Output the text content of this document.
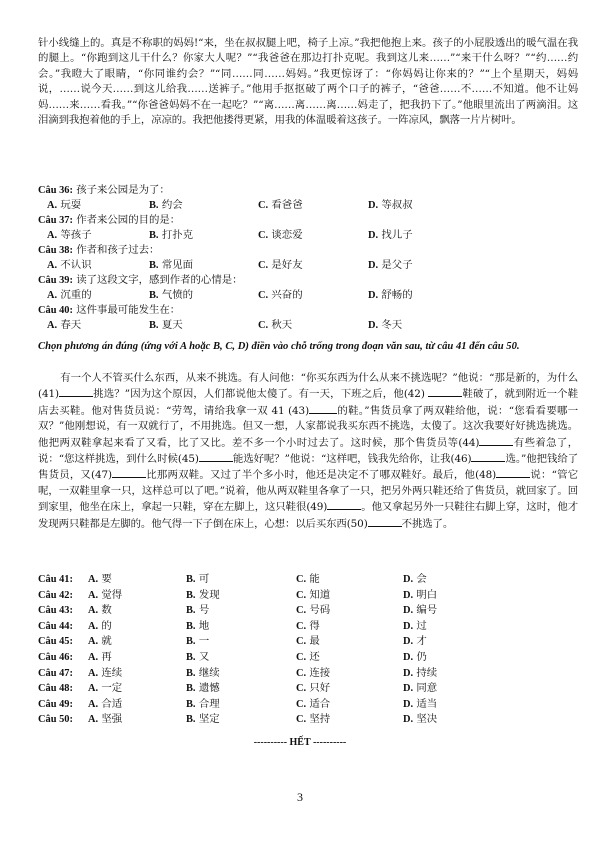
针小线缝上的。真是不称职的妈妈!“来，坐在叔叔腿上吧，椅子上凉。”我把他抱上来。孩子的小屁股透出的暖气温在我的腿上。“你跑到这儿干什么？你家大人呢？”“我爸爸在那边打扑克呢。我到这儿来……”“来干什么呀？”“约……约会。”我瞪大了眼睛，“你同谁约会？”“同……同……妈妈。”我更惊讶了：“你妈妈让你来的？”“上个星期天，妈妈说，……说今天……到这儿给我……送裤子。”他用手抠抠破了两个口子的裤子，“爸爸……不……不知道。他不让妈妈……来……看我。”“你爸爸妈妈不在一起吃？”“离……离……离……妈走了，把我扔下了。”他眼里流出了两滴泪。这泪滴到我抱着他的手上，凉凉的。我把他搂得更紧，用我的体温暖着这孩子。一阵凉风，飘落一片片树叶。

Câu 36: 孩子来公园是为了：
A. 玩耍	B. 约会	C. 看爸爸	D. 等叔叔
Câu 37: 作者来公园的目的是：
A. 等孩子	B. 打扑克	C. 谈恋爱	D. 找儿子
Câu 38: 作者和孩子过去：
A. 不认识	B. 常见面	C. 是好友	D. 是父子
Câu 39: 读了这段文字，感到作者的心情是：
A. 沉重的	B. 气愤的	C. 兴奋的	D. 舒畅的
Câu 40: 这件事最可能发生在：
A. 春天	B. 夏天	C. 秋天	D. 冬天
Chọn phương án đúng (ứng với A hoặc B, C, D) điền vào chỗ trống trong đoạn văn sau, từ câu 41 đến câu 50.

有一个人不管买什么东西，从来不挑选。有人问他：“你买东西为什么从来不挑选呢？”他说：“那是新的，为什么(41)	挑选？”因为这个原因，人们都说他太傻了。有一天，下班之后，他(42)	鞋破了，就到附近一个鞋店去买鞋。他对售货员说：“劳驾，请给我拿一双 41 (43)	的鞋。”售货员拿了两双鞋给他，说：“您看看要哪一双？”他刚想说，有一双就行了，不用挑选。但又一想，人家都说我买东西不挑选，太傻了。这次我要好好挑选挑选。他把两双鞋拿起来看了又看，比了又比。差不多一个小时过去了。这时候，那个售货员等(44)	有些着急了，说：“您这样挑选，到什么时候(45)	能选好呢？”他说：“这样吧，钱我先给你，让我(46)	选。”他把钱给了售货员，又(47)	比那两双鞋。又过了半个多小时，他还是决定不了哪双鞋好。最后，他(48)	说：“管它呢，一双鞋里拿一只，这样总可以了吧。”说着，他从两双鞋里各拿了一只，把另外两只鞋还给了售货员，就回家了。回到家里，他坐在床上，拿起一只鞋，穿在左脚上，这只鞋很(49)	。他又拿起另外一只鞋往右脚上穿，这时，他才发现两只鞋都是左脚的。他气得一下子倒在床上，心想：以后买东西(50)	不挑选了。

Câu 41: A. 要	B. 可	C. 能	D. 会
Câu 42: A. 觉得	B. 发现	C. 知道	D. 明白
Câu 43: A. 数	B. 号	C. 号码	D. 编号
Câu 44: A. 的	B. 地	C. 得	D. 过
Câu 45: A. 就	B. 一	C. 最	D. 才
Câu 46: A. 再	B. 又	C. 还	D. 仍
Câu 47: A. 连续	B. 继续	C. 连接	D. 持续
Câu 48: A. 一定	B. 遗憾	C. 只好	D. 同意
Câu 49: A. 合适	B. 合理	C. 适合	D. 适当
Câu 50: A. 坚强	B. 坚定	C. 坚持	D. 坚决
---------- HẾT ----------
3
